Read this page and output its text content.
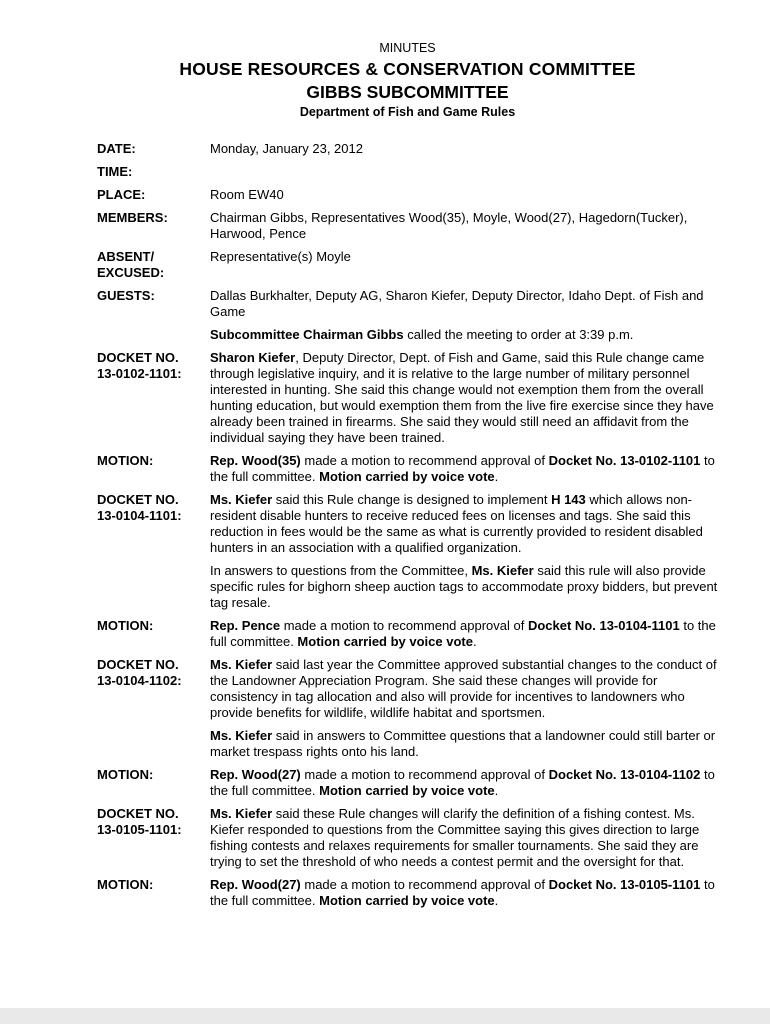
MINUTES
HOUSE RESOURCES & CONSERVATION COMMITTEE
GIBBS SUBCOMMITTEE
Department of Fish and Game Rules
DATE:	Monday, January 23, 2012

TIME:
PLACE:	Room EW40

MEMBERS:	Chairman Gibbs, Representatives Wood(35), Moyle, Wood(27), Hagedorn(Tucker), Harwood, Pence

ABSENT/
EXCUSED:

Representative(s) Moyle

GUESTS:	Dallas Burkhalter, Deputy AG, Sharon Kiefer, Deputy Director, Idaho Dept. of Fish and Game

Subcommittee Chairman Gibbs called the meeting to order at 3:39 p.m.

DOCKET NO.
13-0102-1101:

Sharon Kiefer, Deputy Director, Dept. of Fish and Game, said this Rule change came through legislative inquiry, and it is relative to the large number of military personnel interested in hunting. She said this change would not exemption them from the overall hunting education, but would exemption them from the live fire exercise since they have already been trained in firearms. She said they would still need an affidavit from the individual saying they have been trained.

MOTION:	Rep. Wood(35) made a motion to recommend approval of Docket No. 13-0102-1101 to the full committee. Motion carried by voice vote.

DOCKET NO.
13-0104-1101:

Ms. Kiefer said this Rule change is designed to implement H 143 which allows non-resident disable hunters to receive reduced fees on licenses and tags. She said this reduction in fees would be the same as what is currently provided to resident disabled hunters in an association with a qualified organization.

In answers to questions from the Committee, Ms. Kiefer said this rule will also provide specific rules for bighorn sheep auction tags to accommodate proxy bidders, but prevent tag resale.

MOTION:	Rep. Pence made a motion to recommend approval of Docket No. 13-0104-1101 to the full committee. Motion carried by voice vote.

DOCKET NO.
13-0104-1102:

Ms. Kiefer said last year the Committee approved substantial changes to the conduct of the Landowner Appreciation Program. She said these changes will provide for consistency in tag allocation and also will provide for incentives to landowners who provide benefits for wildlife, wildlife habitat and sportsmen.

Ms. Kiefer said in answers to Committee questions that a landowner could still barter or market trespass rights onto his land.

MOTION:	Rep. Wood(27) made a motion to recommend approval of Docket No. 13-0104-1102 to the full committee. Motion carried by voice vote.

DOCKET NO.
13-0105-1101:

Ms. Kiefer said these Rule changes will clarify the definition of a fishing contest. Ms. Kiefer responded to questions from the Committee saying this gives direction to large fishing contests and relaxes requirements for smaller tournaments. She said they are trying to set the threshold of who needs a contest permit and the oversight for that.

MOTION:	Rep. Wood(27) made a motion to recommend approval of Docket No. 13-0105-1101 to the full committee. Motion carried by voice vote.
